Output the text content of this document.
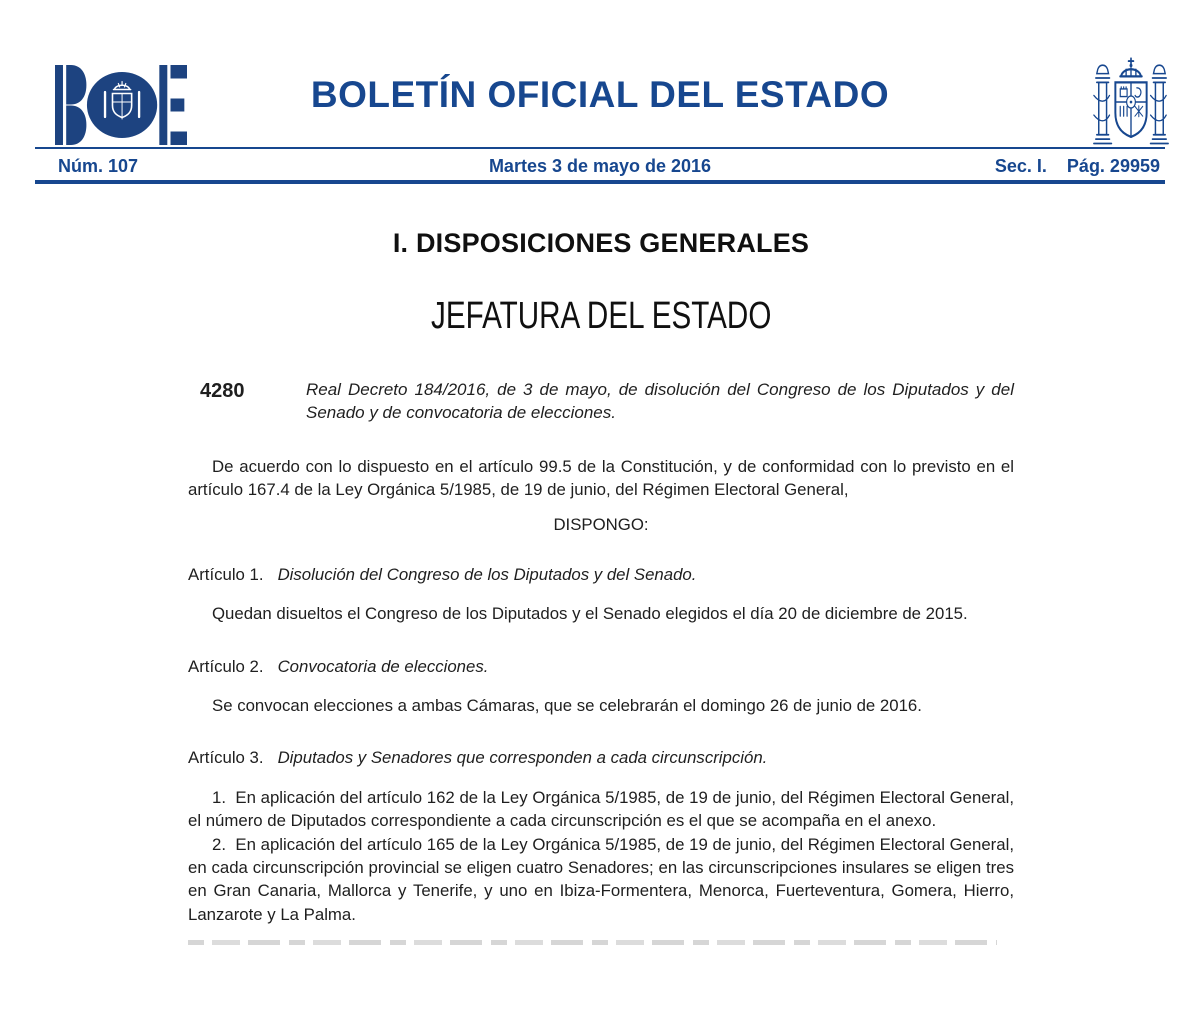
BOLETÍN OFICIAL DEL ESTADO
Núm. 107	Martes 3 de mayo de 2016	Sec. I. Pág. 29959
I. DISPOSICIONES GENERALES
JEFATURA DEL ESTADO
4280	Real Decreto 184/2016, de 3 de mayo, de disolución del Congreso de los Diputados y del Senado y de convocatoria de elecciones.

De acuerdo con lo dispuesto en el artículo 99.5 de la Constitución, y de conformidad con lo previsto en el artículo 167.4 de la Ley Orgánica 5/1985, de 19 de junio, del Régimen Electoral General,

DISPONGO:

Artículo 1. Disolución del Congreso de los Diputados y del Senado.

Quedan disueltos el Congreso de los Diputados y el Senado elegidos el día 20 de diciembre de 2015.

Artículo 2. Convocatoria de elecciones.

Se convocan elecciones a ambas Cámaras, que se celebrarán el domingo 26 de junio de 2016.

Artículo 3. Diputados y Senadores que corresponden a cada circunscripción.

1.  En aplicación del artículo 162 de la Ley Orgánica 5/1985, de 19 de junio, del Régimen Electoral General, el número de Diputados correspondiente a cada circunscripción es el que se acompaña en el anexo.

2.  En aplicación del artículo 165 de la Ley Orgánica 5/1985, de 19 de junio, del Régimen Electoral General, en cada circunscripción provincial se eligen cuatro Senadores; en las circunscripciones insulares se eligen tres en Gran Canaria, Mallorca y Tenerife, y uno en Ibiza-Formentera, Menorca, Fuerteventura, Gomera, Hierro, Lanzarote y La Palma.
